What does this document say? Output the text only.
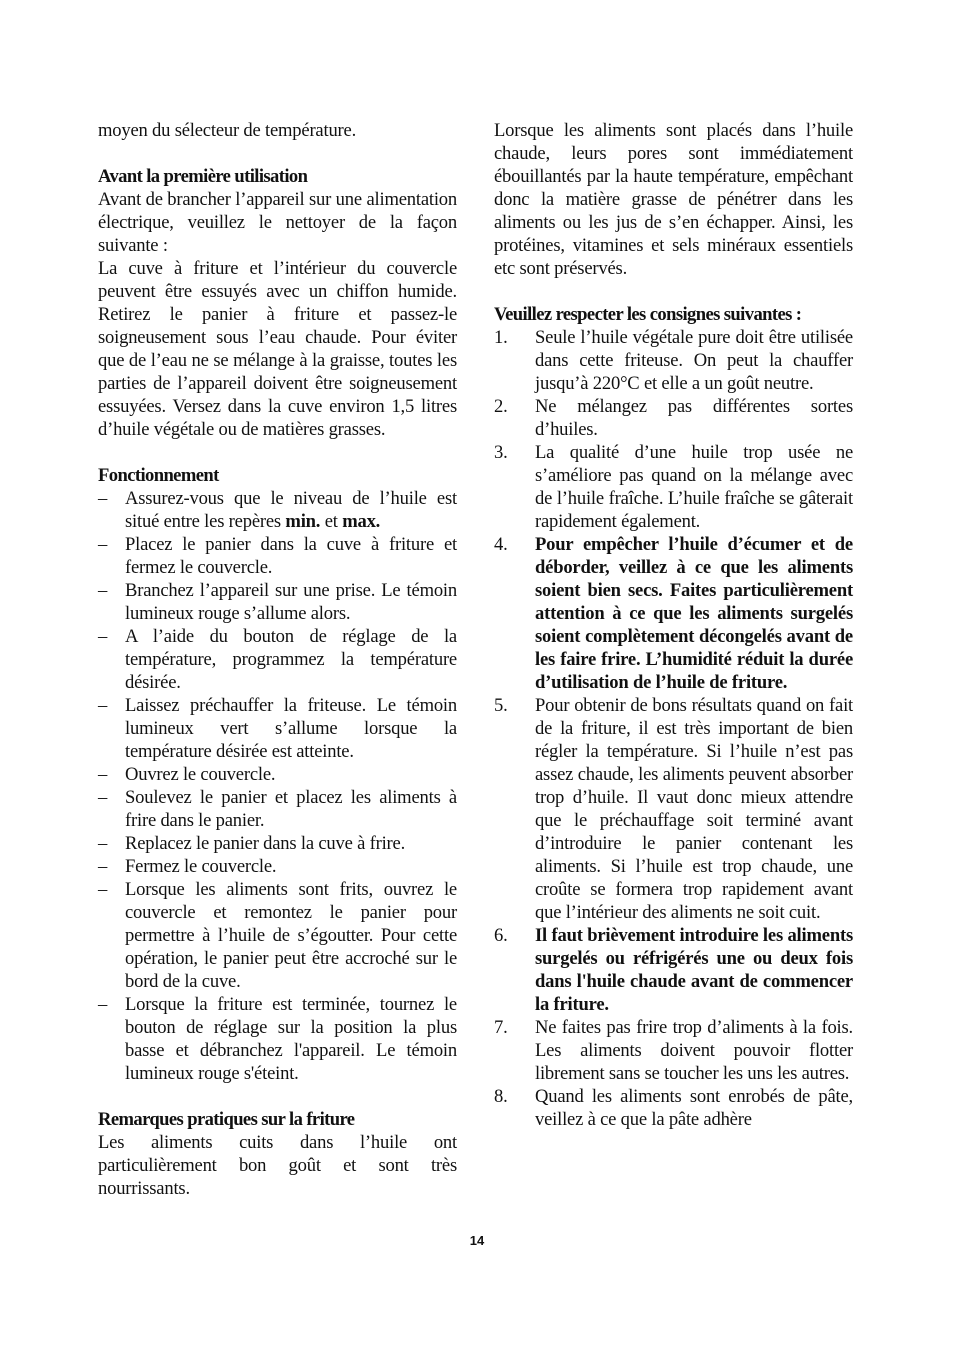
moyen du sélecteur de température.

Avant la première utilisation

Avant de brancher l’appareil sur une alimentation électrique, veuillez le nettoyer de la façon suivante :

La cuve à friture et l’intérieur du couvercle peuvent être essuyés avec un chiffon humide. Retirez le panier à friture et passez-le soigneusement sous l’eau chaude. Pour éviter que de l’eau ne se mélange à la graisse, toutes les parties de l’appareil doivent être soigneusement essuyées. Versez dans la cuve environ 1,5 litres d’huile végétale ou de matières grasses.

Fonctionnement

– Assurez-vous que le niveau de l’huile est situé entre les repères min. et max.
– Placez le panier dans la cuve à friture et fermez le couvercle.
– Branchez l’appareil sur une prise. Le témoin lumineux rouge s’allume alors.
– A l’aide du bouton de réglage de la température, programmez la température désirée.
– Laissez préchauffer la friteuse. Le témoin lumineux vert s’allume lorsque la température désirée est atteinte.
– Ouvrez le couvercle.
– Soulevez le panier et placez les aliments à frire dans le panier.
– Replacez le panier dans la cuve à frire.
– Fermez le couvercle.
– Lorsque les aliments sont frits, ouvrez le couvercle et remontez le panier pour permettre à l’huile de s’égoutter. Pour cette opération, le panier peut être accroché sur le bord de la cuve.
– Lorsque la friture est terminée, tournez le bouton de réglage sur la position la plus basse et débranchez l'appareil. Le témoin lumineux rouge s'éteint.

Remarques pratiques sur la friture

Les aliments cuits dans l’huile ont particulièrement bon goût et sont très nourrissants.

Lorsque les aliments sont placés dans l’huile chaude, leurs pores sont immédiatement ébouillantés par la haute température, empêchant donc la matière grasse de pénétrer dans les aliments ou les jus de s’en échapper. Ainsi, les protéines, vitamines et sels minéraux essentiels etc sont préservés.

Veuillez respecter les consignes suivantes :

1. Seule l’huile végétale pure doit être utilisée dans cette friteuse. On peut la chauffer jusqu’à 220°C et elle a un goût neutre.
2. Ne mélangez pas différentes sortes d’huiles.
3. La qualité d’une huile trop usée ne s’améliore pas quand on la mélange avec de l’huile fraîche. L’huile fraîche se gâterait rapidement également.
4. Pour empêcher l’huile d’écumer et de déborder, veillez à ce que les aliments soient bien secs. Faites particulièrement attention à ce que les aliments surgelés soient complètement décongelés avant de les faire frire. L’humidité réduit la durée d’utilisation de l’huile de friture.
5. Pour obtenir de bons résultats quand on fait de la friture, il est très important de bien régler la température. Si l’huile n’est pas assez chaude, les aliments peuvent absorber trop d’huile. Il vaut donc mieux attendre que le préchauffage soit terminé avant d’introduire le panier contenant les aliments. Si l’huile est trop chaude, une croûte se formera trop rapidement avant que l’intérieur des aliments ne soit cuit.
6. Il faut brièvement introduire les aliments surgelés ou réfrigérés une ou deux fois dans l'huile chaude avant de commencer la friture.
7. Ne faites pas frire trop d’aliments à la fois. Les aliments doivent pouvoir flotter librement sans se toucher les uns les autres.
8. Quand les aliments sont enrobés de pâte, veillez à ce que la pâte adhère
14
